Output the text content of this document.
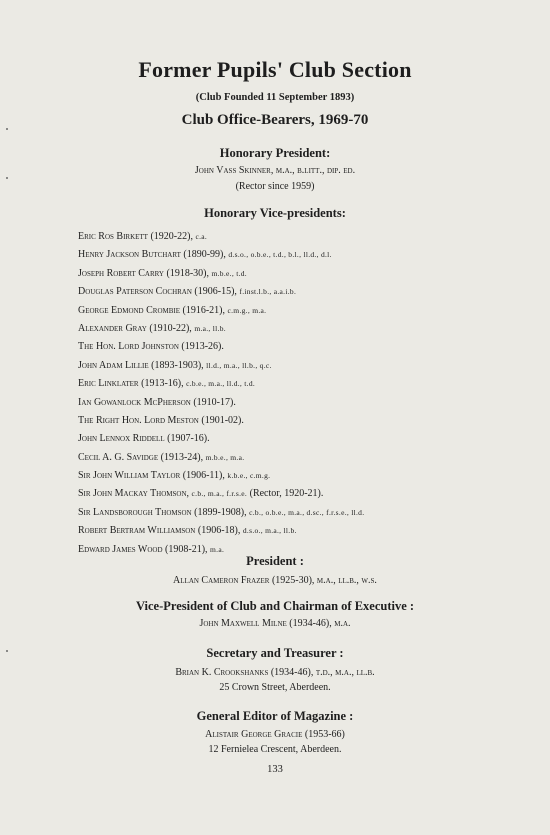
Former Pupils' Club Section
(Club Founded 11 September 1893)
Club Office-Bearers, 1969-70
Honorary President:
John Vass Skinner, m.a., b.litt., dip. ed.
(Rector since 1959)
Honorary Vice-presidents:
Eric Ros Birkett (1920-22), c.a.
Henry Jackson Butchart (1890-99), d.s.o., o.b.e., t.d., b.l., ll.d., d.l.
Joseph Robert Carry (1918-30), m.b.e., t.d.
Douglas Paterson Cochran (1906-15), f.inst.l.b., a.a.i.b.
George Edmond Crombie (1916-21), c.m.g., m.a.
Alexander Gray (1910-22), m.a., ll.b.
The Hon. Lord Johnston (1913-26).
John Adam Lillie (1893-1903), ll.d., m.a., ll.b., q.c.
Eric Linklater (1913-16), c.b.e., m.a., ll.d., t.d.
Ian Gowanlock McPherson (1910-17).
The Right Hon. Lord Meston (1901-02).
John Lennox Riddell (1907-16).
Cecil A. G. Savidge (1913-24), m.b.e., m.a.
Sir John William Taylor (1906-11), k.b.e., c.m.g.
Sir John Mackay Thomson, c.b., m.a., f.r.s.e. (Rector, 1920-21).
Sir Landsborough Thomson (1899-1908), c.b., o.b.e., m.a., d.sc., f.r.s.e., ll.d.
Robert Bertram Williamson (1906-18), d.s.o., m.a., ll.b.
Edward James Wood (1908-21), m.a.
President :
Allan Cameron Frazer (1925-30), m.a., ll.b., w.s.
Vice-President of Club and Chairman of Executive :
John Maxwell Milne (1934-46), m.a.
Secretary and Treasurer :
Brian K. Crookshanks (1934-46), t.d., m.a., ll.b.
25 Crown Street, Aberdeen.
General Editor of Magazine :
Alistair George Gracie (1953-66)
12 Fernielea Crescent, Aberdeen.
133
